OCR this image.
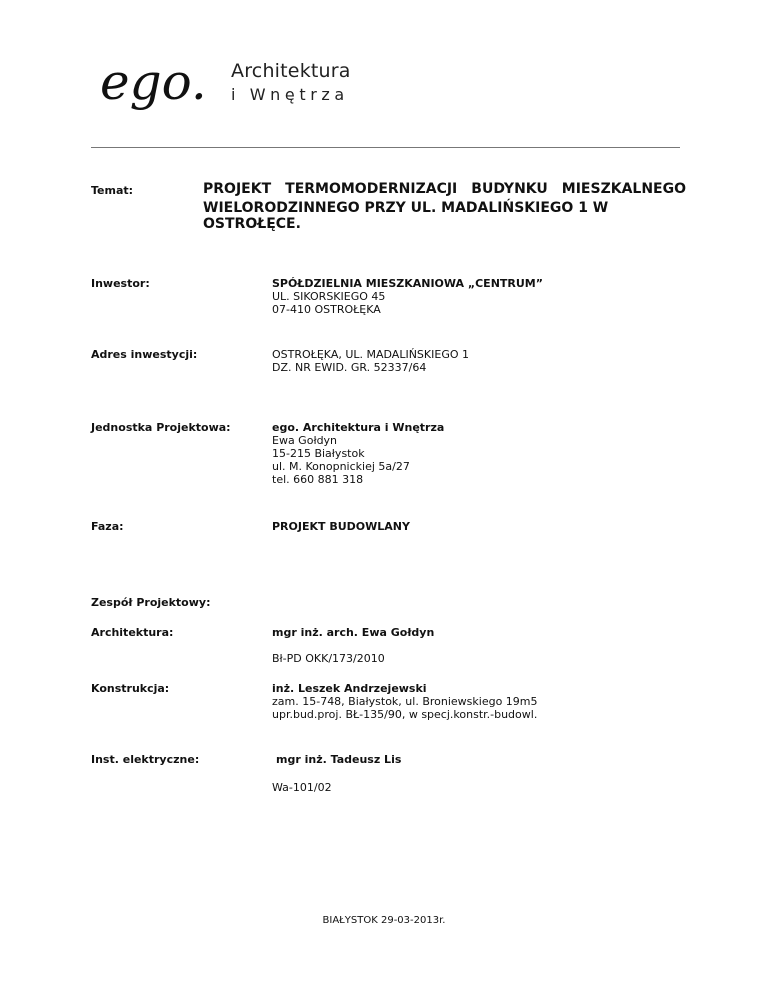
ego. Architektura
i Wnętrza
Temat:	PROJEKT TERMOMODERNIZACJI BUDYNKU MIESZKALNEGO
WIELORODZINNEGO PRZY UL. MADALIŃSKIEGO 1 W OSTROŁĘCE.
Inwestor:	SPÓŁDZIELNIA MIESZKANIOWA „CENTRUM”
UL. SIKORSKIEGO 45
07-410 OSTROŁĘKA
Adres inwestycji:	OSTROŁĘKA, UL. MADALIŃSKIEGO 1
DZ. NR EWID. GR. 52337/64
Jednostka Projektowa:	ego. Architektura i Wnętrza
Ewa Gołdyn
15-215 Białystok
ul. M. Konopnickiej 5a/27
tel. 660 881 318
Faza:	PROJEKT BUDOWLANY
Zespół Projektowy:
Architektura:	mgr inż. arch. Ewa Gołdyn
Bł-PD OKK/173/2010
Konstrukcja:	inż. Leszek Andrzejewski
zam. 15-748, Białystok, ul. Broniewskiego 19m5
upr.bud.proj. BŁ-135/90, w specj.konstr.-budowl.
Inst. elektryczne:	mgr inż. Tadeusz Lis
Wa-101/02
BIAŁYSTOK 29-03-2013r.
